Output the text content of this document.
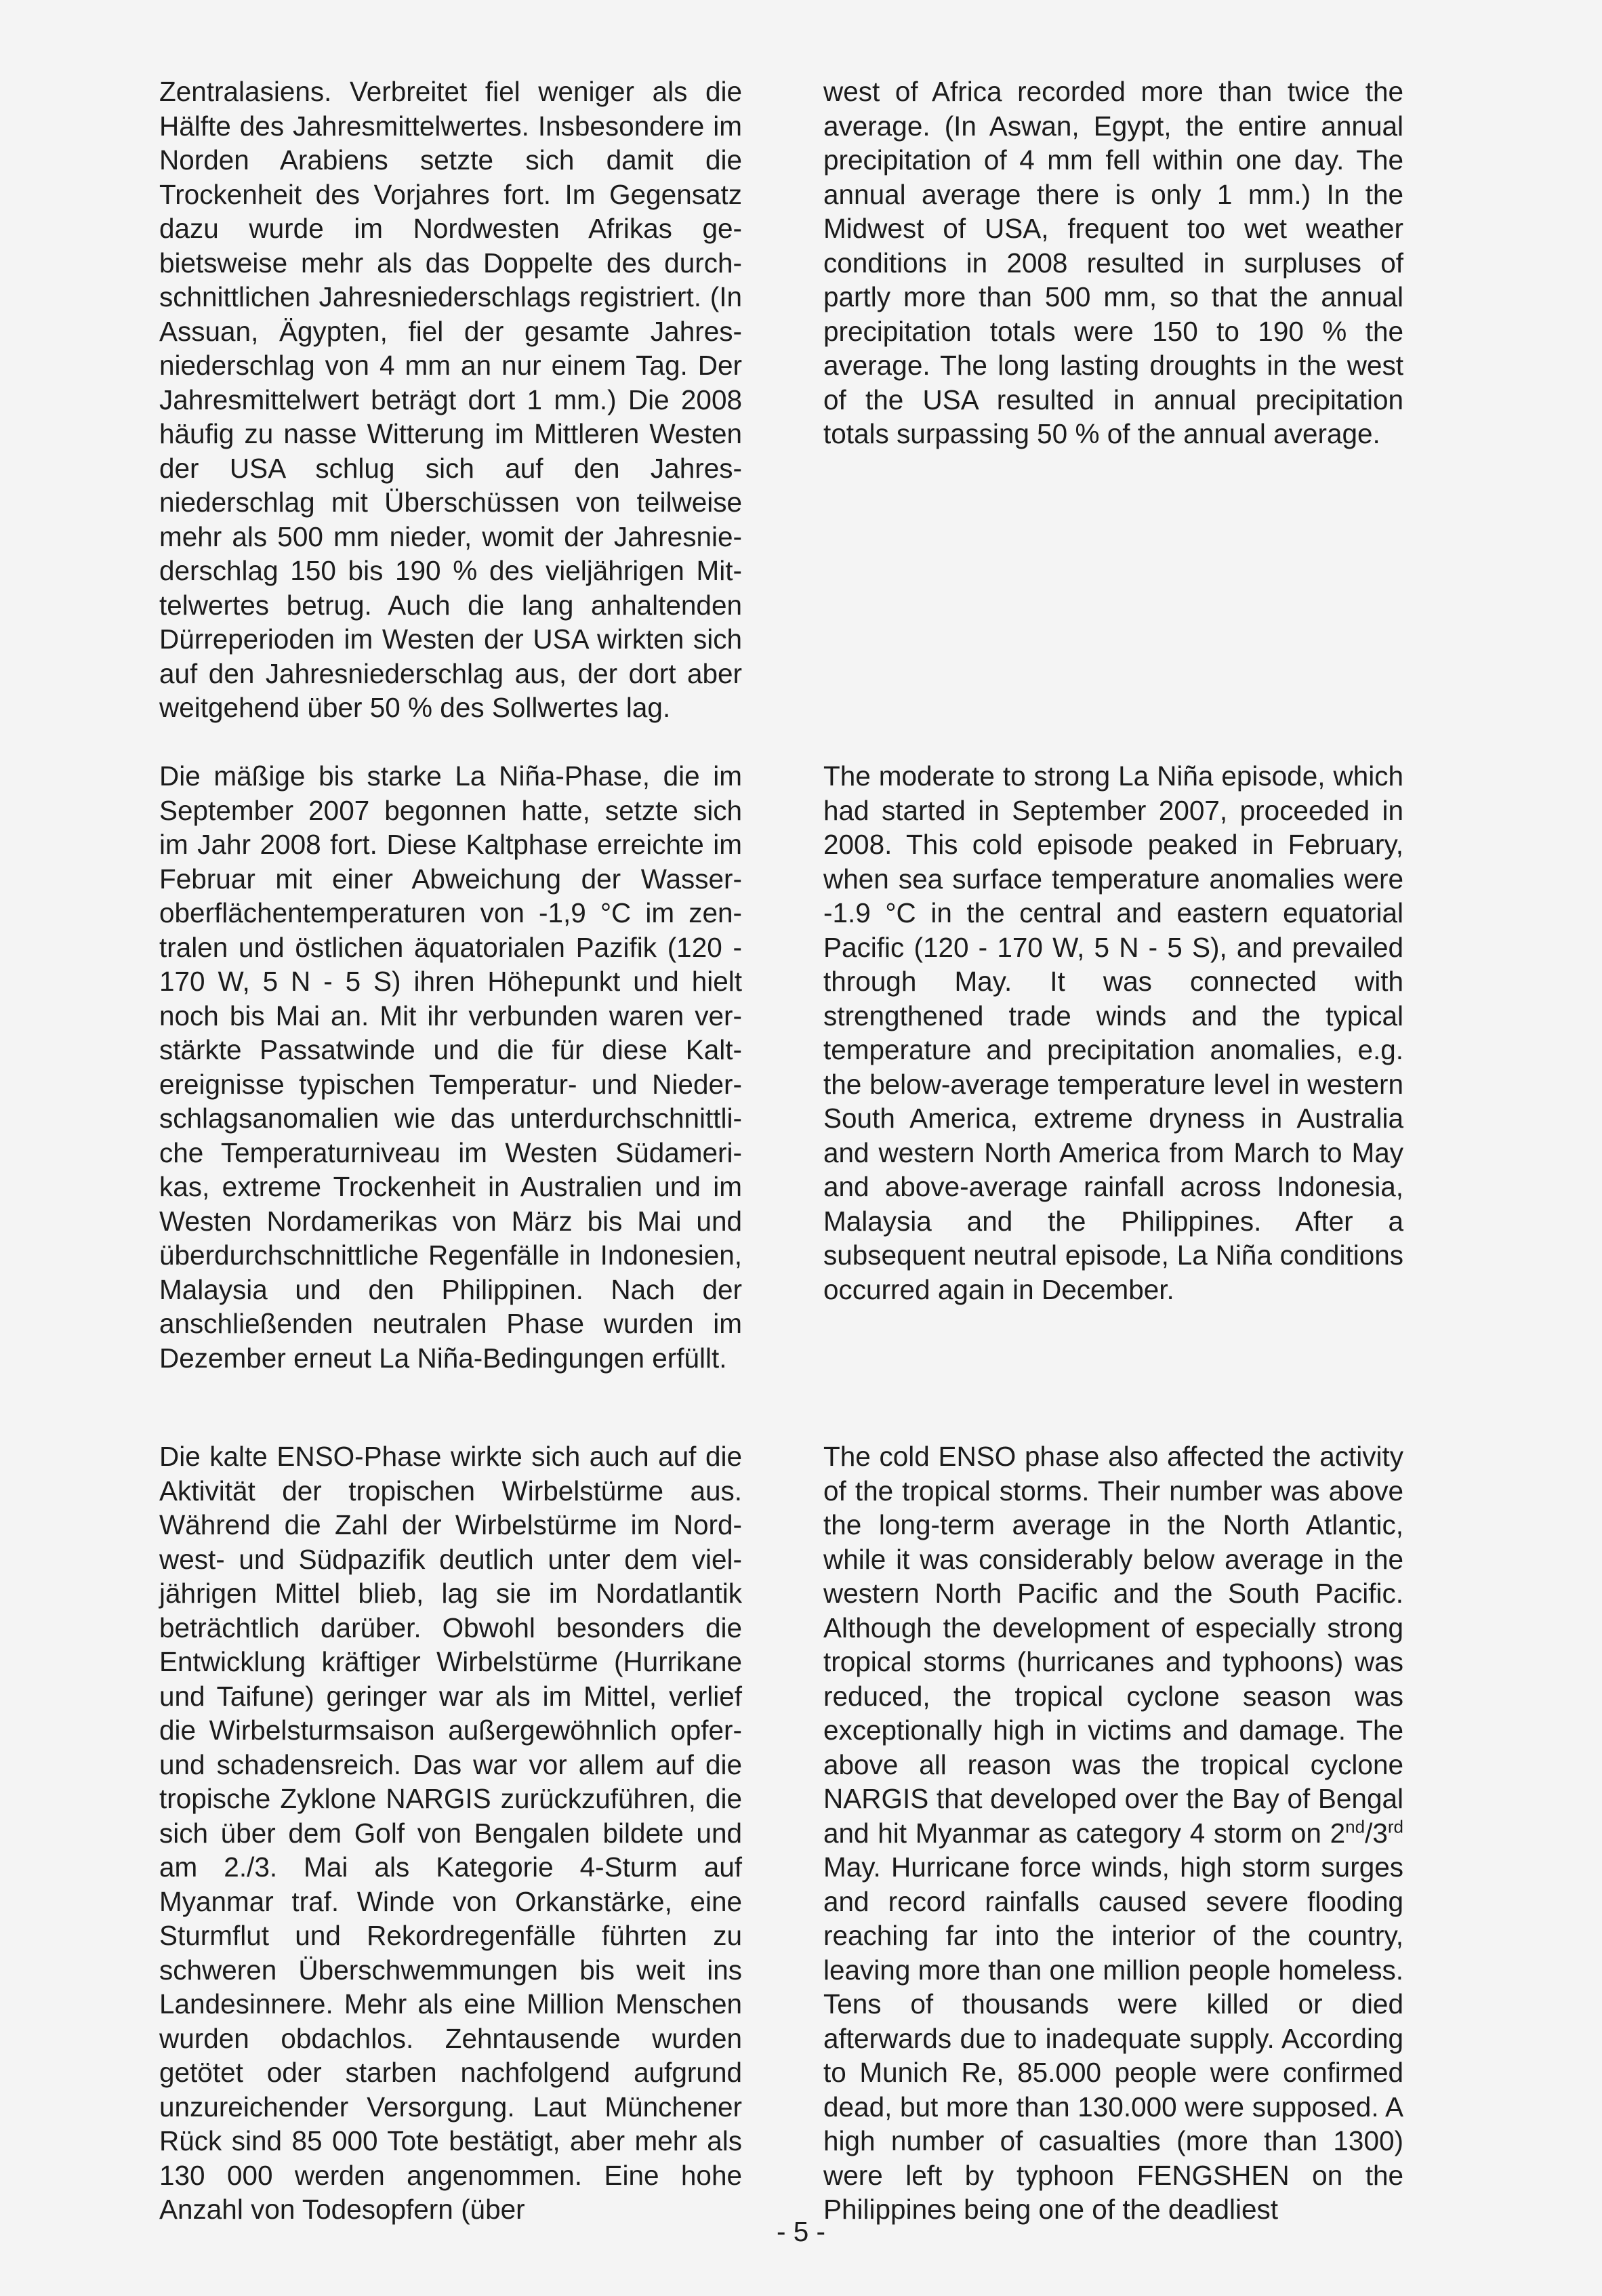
Zentralasiens. Verbreitet fiel weniger als die Hälfte des Jahresmittelwertes. Insbesondere im Norden Arabiens setzte sich damit die Trockenheit des Vorjahres fort. Im Gegensatz dazu wurde im Nordwesten Afrikas gebietsweise mehr als das Doppelte des durchschnittlichen Jahresniederschlags registriert. (In Assuan, Ägypten, fiel der gesamte Jahresniederschlag von 4 mm an nur einem Tag. Der Jahresmittelwert beträgt dort 1 mm.) Die 2008 häufig zu nasse Witterung im Mittleren Westen der USA schlug sich auf den Jahresniederschlag mit Überschüssen von teilweise mehr als 500 mm nieder, womit der Jahresniederschlag 150 bis 190 % des vieljährigen Mittelwertes betrug. Auch die lang anhaltenden Dürreperioden im Westen der USA wirkten sich auf den Jahresniederschlag aus, der dort aber weitgehend über 50 % des Sollwertes lag.

Die mäßige bis starke La Niña-Phase, die im September 2007 begonnen hatte, setzte sich im Jahr 2008 fort. Diese Kaltphase erreichte im Februar mit einer Abweichung der Wasseroberflächentemperaturen von -1,9 °C im zentralen und östlichen äquatorialen Pazifik (120 - 170 W, 5 N - 5 S) ihren Höhepunkt und hielt noch bis Mai an. Mit ihr verbunden waren verstärkte Passatwinde und die für diese Kaltereignisse typischen Temperatur- und Niederschlagsanomalien wie das unterdurchschnittliche Temperaturniveau im Westen Südamerikas, extreme Trockenheit in Australien und im Westen Nordamerikas von März bis Mai und überdurchschnittliche Regenfälle in Indonesien, Malaysia und den Philippinen. Nach der anschließenden neutralen Phase wurden im Dezember erneut La Niña-Bedingungen erfüllt.

Die kalte ENSO-Phase wirkte sich auch auf die Aktivität der tropischen Wirbelstürme aus. Während die Zahl der Wirbelstürme im Nordwest- und Südpazifik deutlich unter dem vieljährigen Mittel blieb, lag sie im Nordatlantik beträchtlich darüber. Obwohl besonders die Entwicklung kräftiger Wirbelstürme (Hurrikane und Taifune) geringer war als im Mittel, verlief die Wirbelsturmsaison außergewöhnlich opfer- und schadensreich. Das war vor allem auf die tropische Zyklone NARGIS zurückzuführen, die sich über dem Golf von Bengalen bildete und am 2./3. Mai als Kategorie 4-Sturm auf Myanmar traf. Winde von Orkanstärke, eine Sturmflut und Rekordregenfälle führten zu schweren Überschwemmungen bis weit ins Landesinnere. Mehr als eine Million Menschen wurden obdachlos. Zehntausende wurden getötet oder starben nachfolgend aufgrund unzureichender Versorgung. Laut Münchener Rück sind 85 000 Tote bestätigt, aber mehr als 130 000 werden angenommen. Eine hohe Anzahl von Todesopfern (über

west of Africa recorded more than twice the average. (In Aswan, Egypt, the entire annual precipitation of 4 mm fell within one day. The annual average there is only 1 mm.) In the Midwest of USA, frequent too wet weather conditions in 2008 resulted in surpluses of partly more than 500 mm, so that the annual precipitation totals were 150 to 190 % the average. The long lasting droughts in the west of the USA resulted in annual precipitation totals surpassing 50 % of the annual average.

The moderate to strong La Niña episode, which had started in September 2007, proceeded in 2008. This cold episode peaked in February, when sea surface temperature anomalies were -1.9 °C in the central and eastern equatorial Pacific (120 - 170 W, 5 N - 5 S), and prevailed through May. It was connected with strengthened trade winds and the typical temperature and precipitation anomalies, e.g. the below-average temperature level in western South America, extreme dryness in Australia and western North America from March to May and above-average rainfall across Indonesia, Malaysia and the Philippines. After a subsequent neutral episode, La Niña conditions occurred again in December.

The cold ENSO phase also affected the activity of the tropical storms. Their number was above the long-term average in the North Atlantic, while it was considerably below average in the western North Pacific and the South Pacific. Although the development of especially strong tropical storms (hurricanes and typhoons) was reduced, the tropical cyclone season was exceptionally high in victims and damage. The above all reason was the tropical cyclone NARGIS that developed over the Bay of Bengal and hit Myanmar as category 4 storm on 2nd/3rd May. Hurricane force winds, high storm surges and record rainfalls caused severe flooding reaching far into the interior of the country, leaving more than one million people homeless. Tens of thousands were killed or died afterwards due to inadequate supply. According to Munich Re, 85.000 people were confirmed dead, but more than 130.000 were supposed. A high number of casualties (more than 1300) were left by typhoon FENGSHEN on the Philippines being one of the deadliest

- 5 -
